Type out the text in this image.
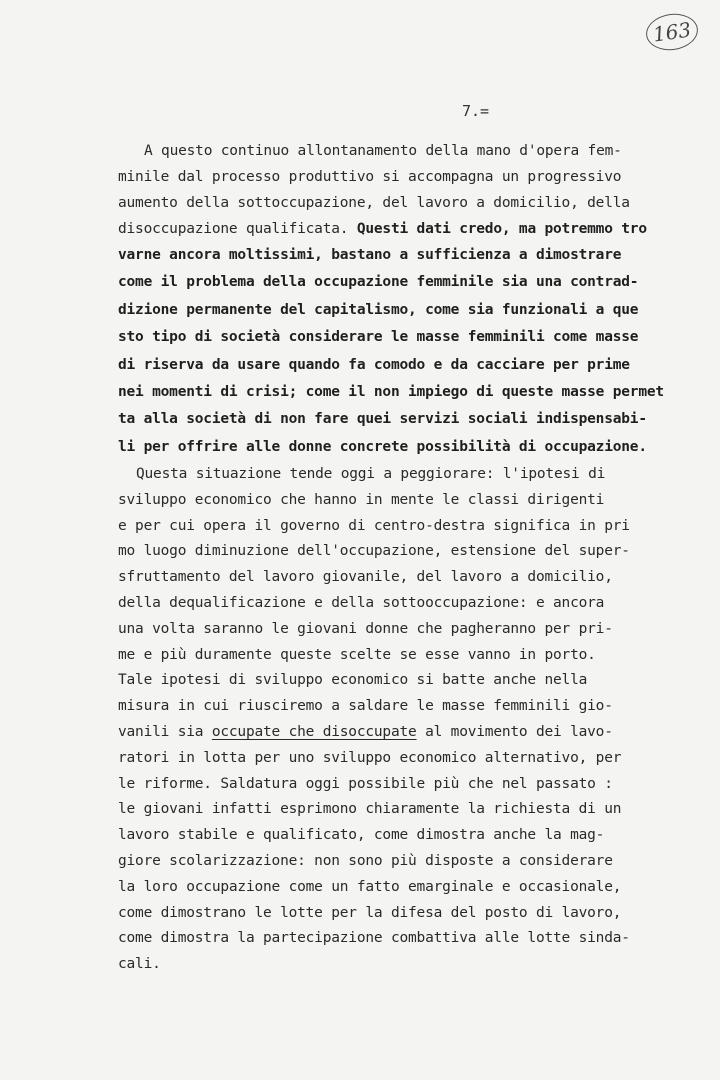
163
7.=
A questo continuo allontanamento della mano d'opera fem-
minile dal processo produttivo si accompagna un progressivo
aumento della sottoccupazione, del lavoro a domicilio, della
disoccupazione qualificata. Questi dati credo, ma potremmo tro
varne ancora moltissimi, bastano a sufficienza a dimostrare
come il problema della occupazione femminile sia una contrad-
dizione permanente del capitalismo, come sia funzionali a que
sto tipo di società considerare le masse femminili come masse
di riserva da usare quando fa comodo e da cacciare per prime
nei momenti di crisi; come il non impiego di queste masse permet
ta alla società di non fare quei servizi sociali indispensabi-
li per offrire alle donne concrete possibilità di occupazione.
Questa situazione tende oggi a peggiorare: l'ipotesi di
sviluppo economico che hanno in mente le classi dirigenti
e per cui opera il governo di centro-destra significa in pri
mo luogo diminuzione dell'occupazione, estensione del super-
sfruttamento del lavoro giovanile, del lavoro a domicilio,
della dequalificazione e della sottooccupazione: e ancora
una volta saranno le giovani donne che pagheranno per pri-
me e più duramente queste scelte se esse vanno in porto.
Tale ipotesi di sviluppo economico si batte anche nella
misura in cui riusciremo a saldare le masse femminili gio-
vanili sia occupate che disoccupate al movimento dei lavo-
ratori in lotta per uno sviluppo economico alternativo, per
le riforme. Saldatura oggi possibile più che nel passato :
le giovani infatti esprimono chiaramente la richiesta di un
lavoro stabile e qualificato, come dimostra anche la mag-
giore scolarizzazione: non sono più disposte a considerare
la loro occupazione come un fatto emarginale e occasionale,
come dimostrano le lotte per la difesa del posto di lavoro,
come dimostra la partecipazione combattiva alle lotte sinda-
cali.
